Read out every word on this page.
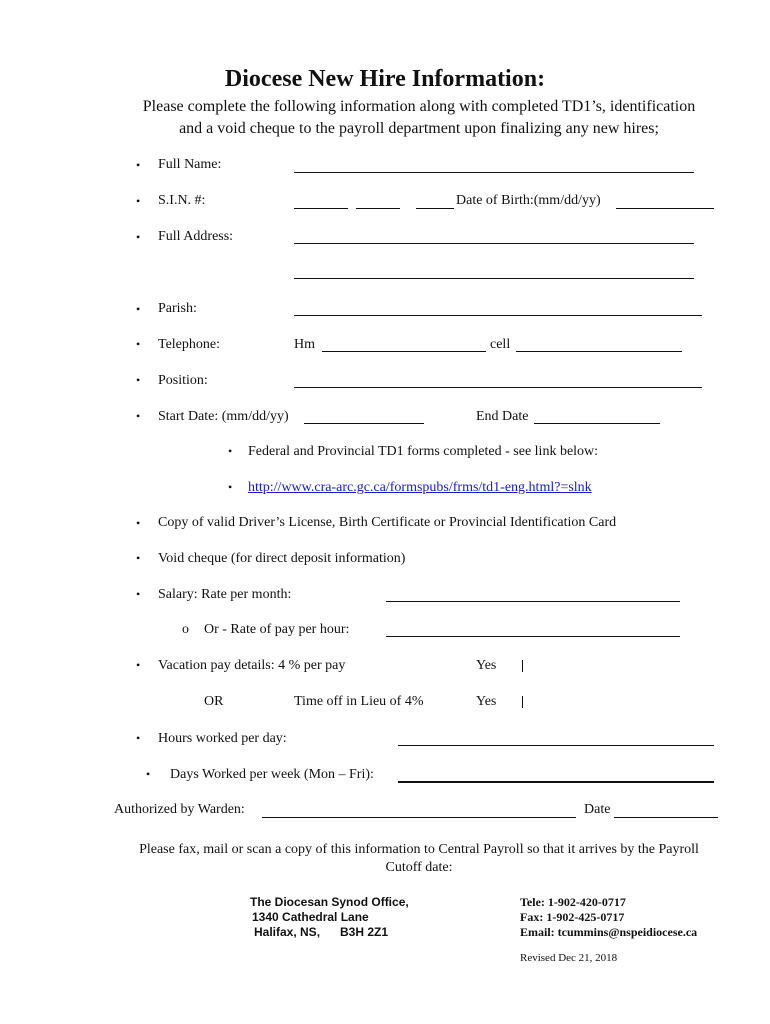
Diocese New Hire Information:
Please complete the following information along with completed TD1’s, identification
and a void cheque to the payroll department upon finalizing any new hires;
• Full Name:
• S.I.N. #:	Date of Birth:(mm/dd/yy)
• Full Address:
• Parish:
• Telephone:	Hm	cell
• Position:
• Start Date: (mm/dd/yy)	End Date
• Federal and Provincial TD1 forms completed - see link below:
• http://www.cra-arc.gc.ca/formspubs/frms/td1-eng.html?=slnk
• Copy of valid Driver’s License, Birth Certificate or Provincial Identification Card
• Void cheque (for direct deposit information)
• Salary: Rate per month:
o Or - Rate of pay per hour:
• Vacation pay details: 4 % per pay	Yes
OR	Time off in Lieu of 4%	Yes
• Hours worked per day:
• Days Worked per week (Mon – Fri):
Authorized by Warden:	Date
Please fax, mail or scan a copy of this information to Central Payroll so that it arrives by the Payroll
Cutoff date:
The Diocesan Synod Office,
1340 Cathedral Lane
Halifax, NS, B3H 2Z1
Tele: 1-902-420-0717
Fax: 1-902-425-0717
Email: tcummins@nspeidiocese.ca
Revised Dec 21, 2018
